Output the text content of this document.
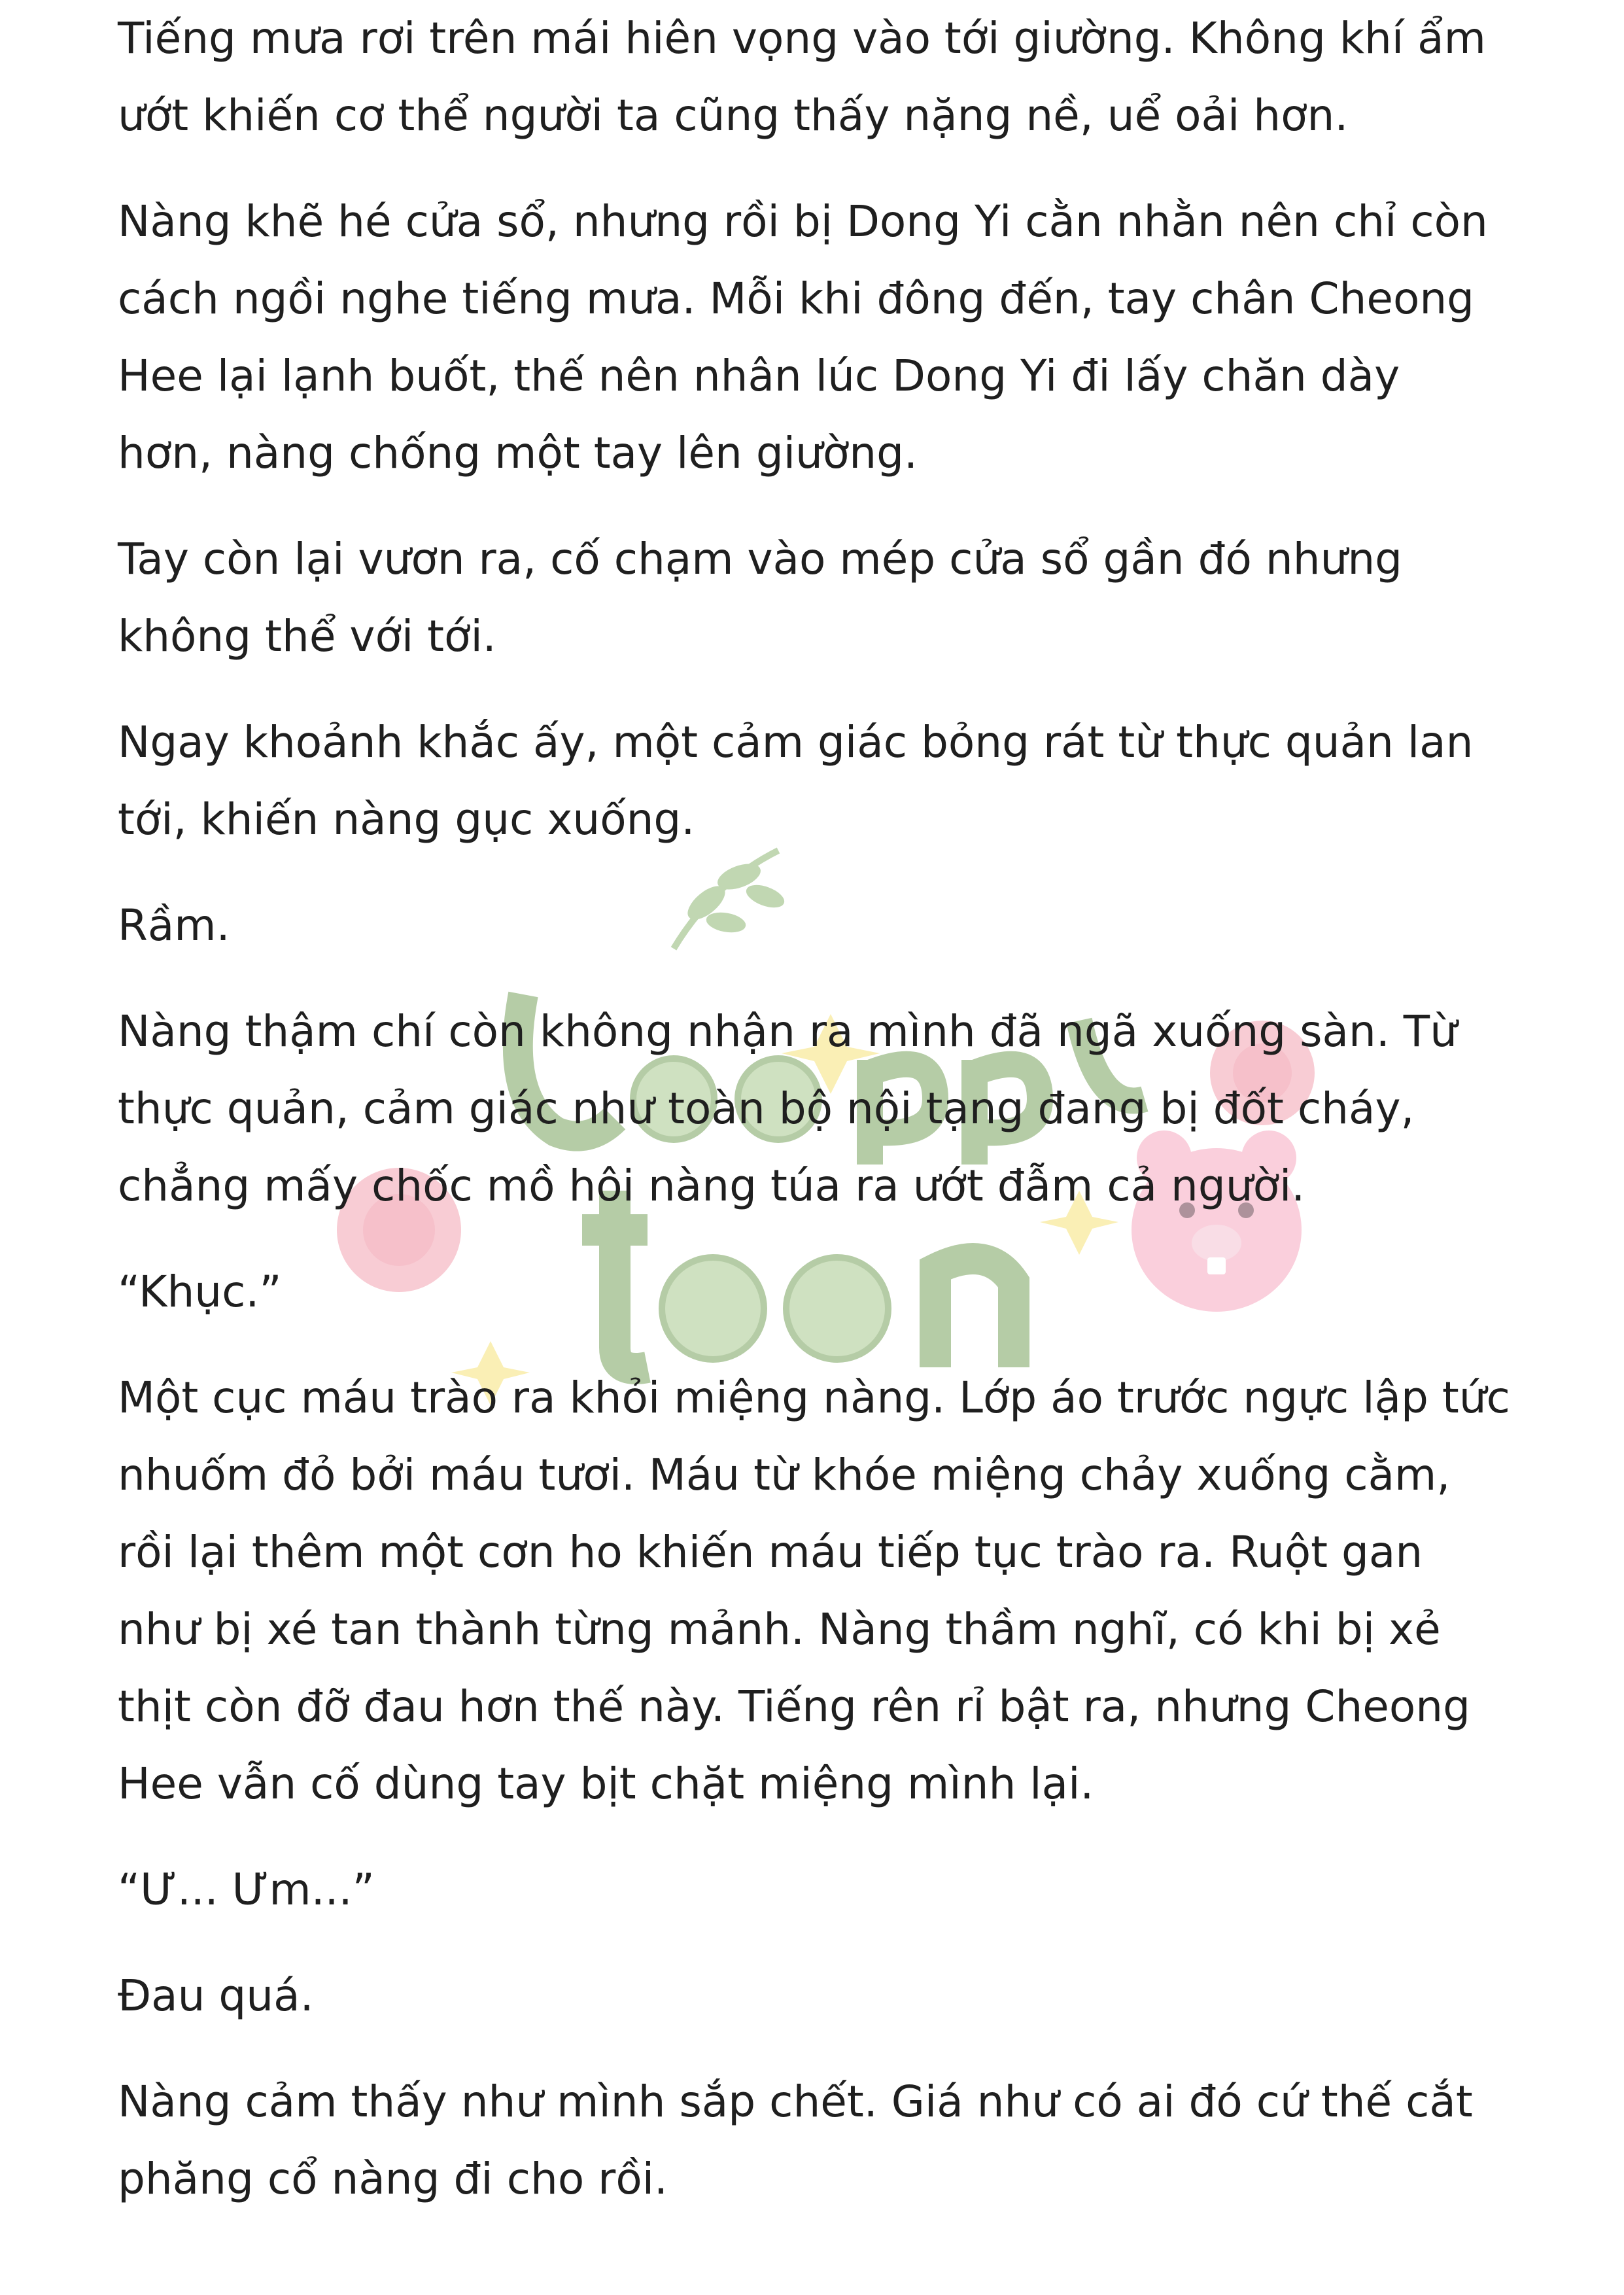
Tiếng mưa rơi trên mái hiên vọng vào tới giường. Không khí ẩm
ướt khiến cơ thể người ta cũng thấy nặng nề, uể oải hơn.

Nàng khẽ hé cửa sổ, nhưng rồi bị Dong Yi cằn nhằn nên chỉ còn
cách ngồi nghe tiếng mưa. Mỗi khi đông đến, tay chân Cheong
Hee lại lạnh buốt, thế nên nhân lúc Dong Yi đi lấy chăn dày
hơn, nàng chống một tay lên giường.

Tay còn lại vươn ra, cố chạm vào mép cửa sổ gần đó nhưng
không thể với tới.

Ngay khoảnh khắc ấy, một cảm giác bỏng rát từ thực quản lan
tới, khiến nàng gục xuống.

Rầm.

Nàng thậm chí còn không nhận ra mình đã ngã xuống sàn. Từ
thực quản, cảm giác như toàn bộ nội tạng đang bị đốt cháy,
chẳng mấy chốc mồ hôi nàng túa ra ướt đẫm cả người.

“Khục.”

Một cục máu trào ra khỏi miệng nàng. Lớp áo trước ngực lập tức
nhuốm đỏ bởi máu tươi. Máu từ khóe miệng chảy xuống cằm,
rồi lại thêm một cơn ho khiến máu tiếp tục trào ra. Ruột gan
như bị xé tan thành từng mảnh. Nàng thầm nghĩ, có khi bị xẻ
thịt còn đỡ đau hơn thế này. Tiếng rên rỉ bật ra, nhưng Cheong
Hee vẫn cố dùng tay bịt chặt miệng mình lại.

“Ư... Ưm...”

Đau quá.

Nàng cảm thấy như mình sắp chết. Giá như có ai đó cứ thế cắt
phăng cổ nàng đi cho rồi.
